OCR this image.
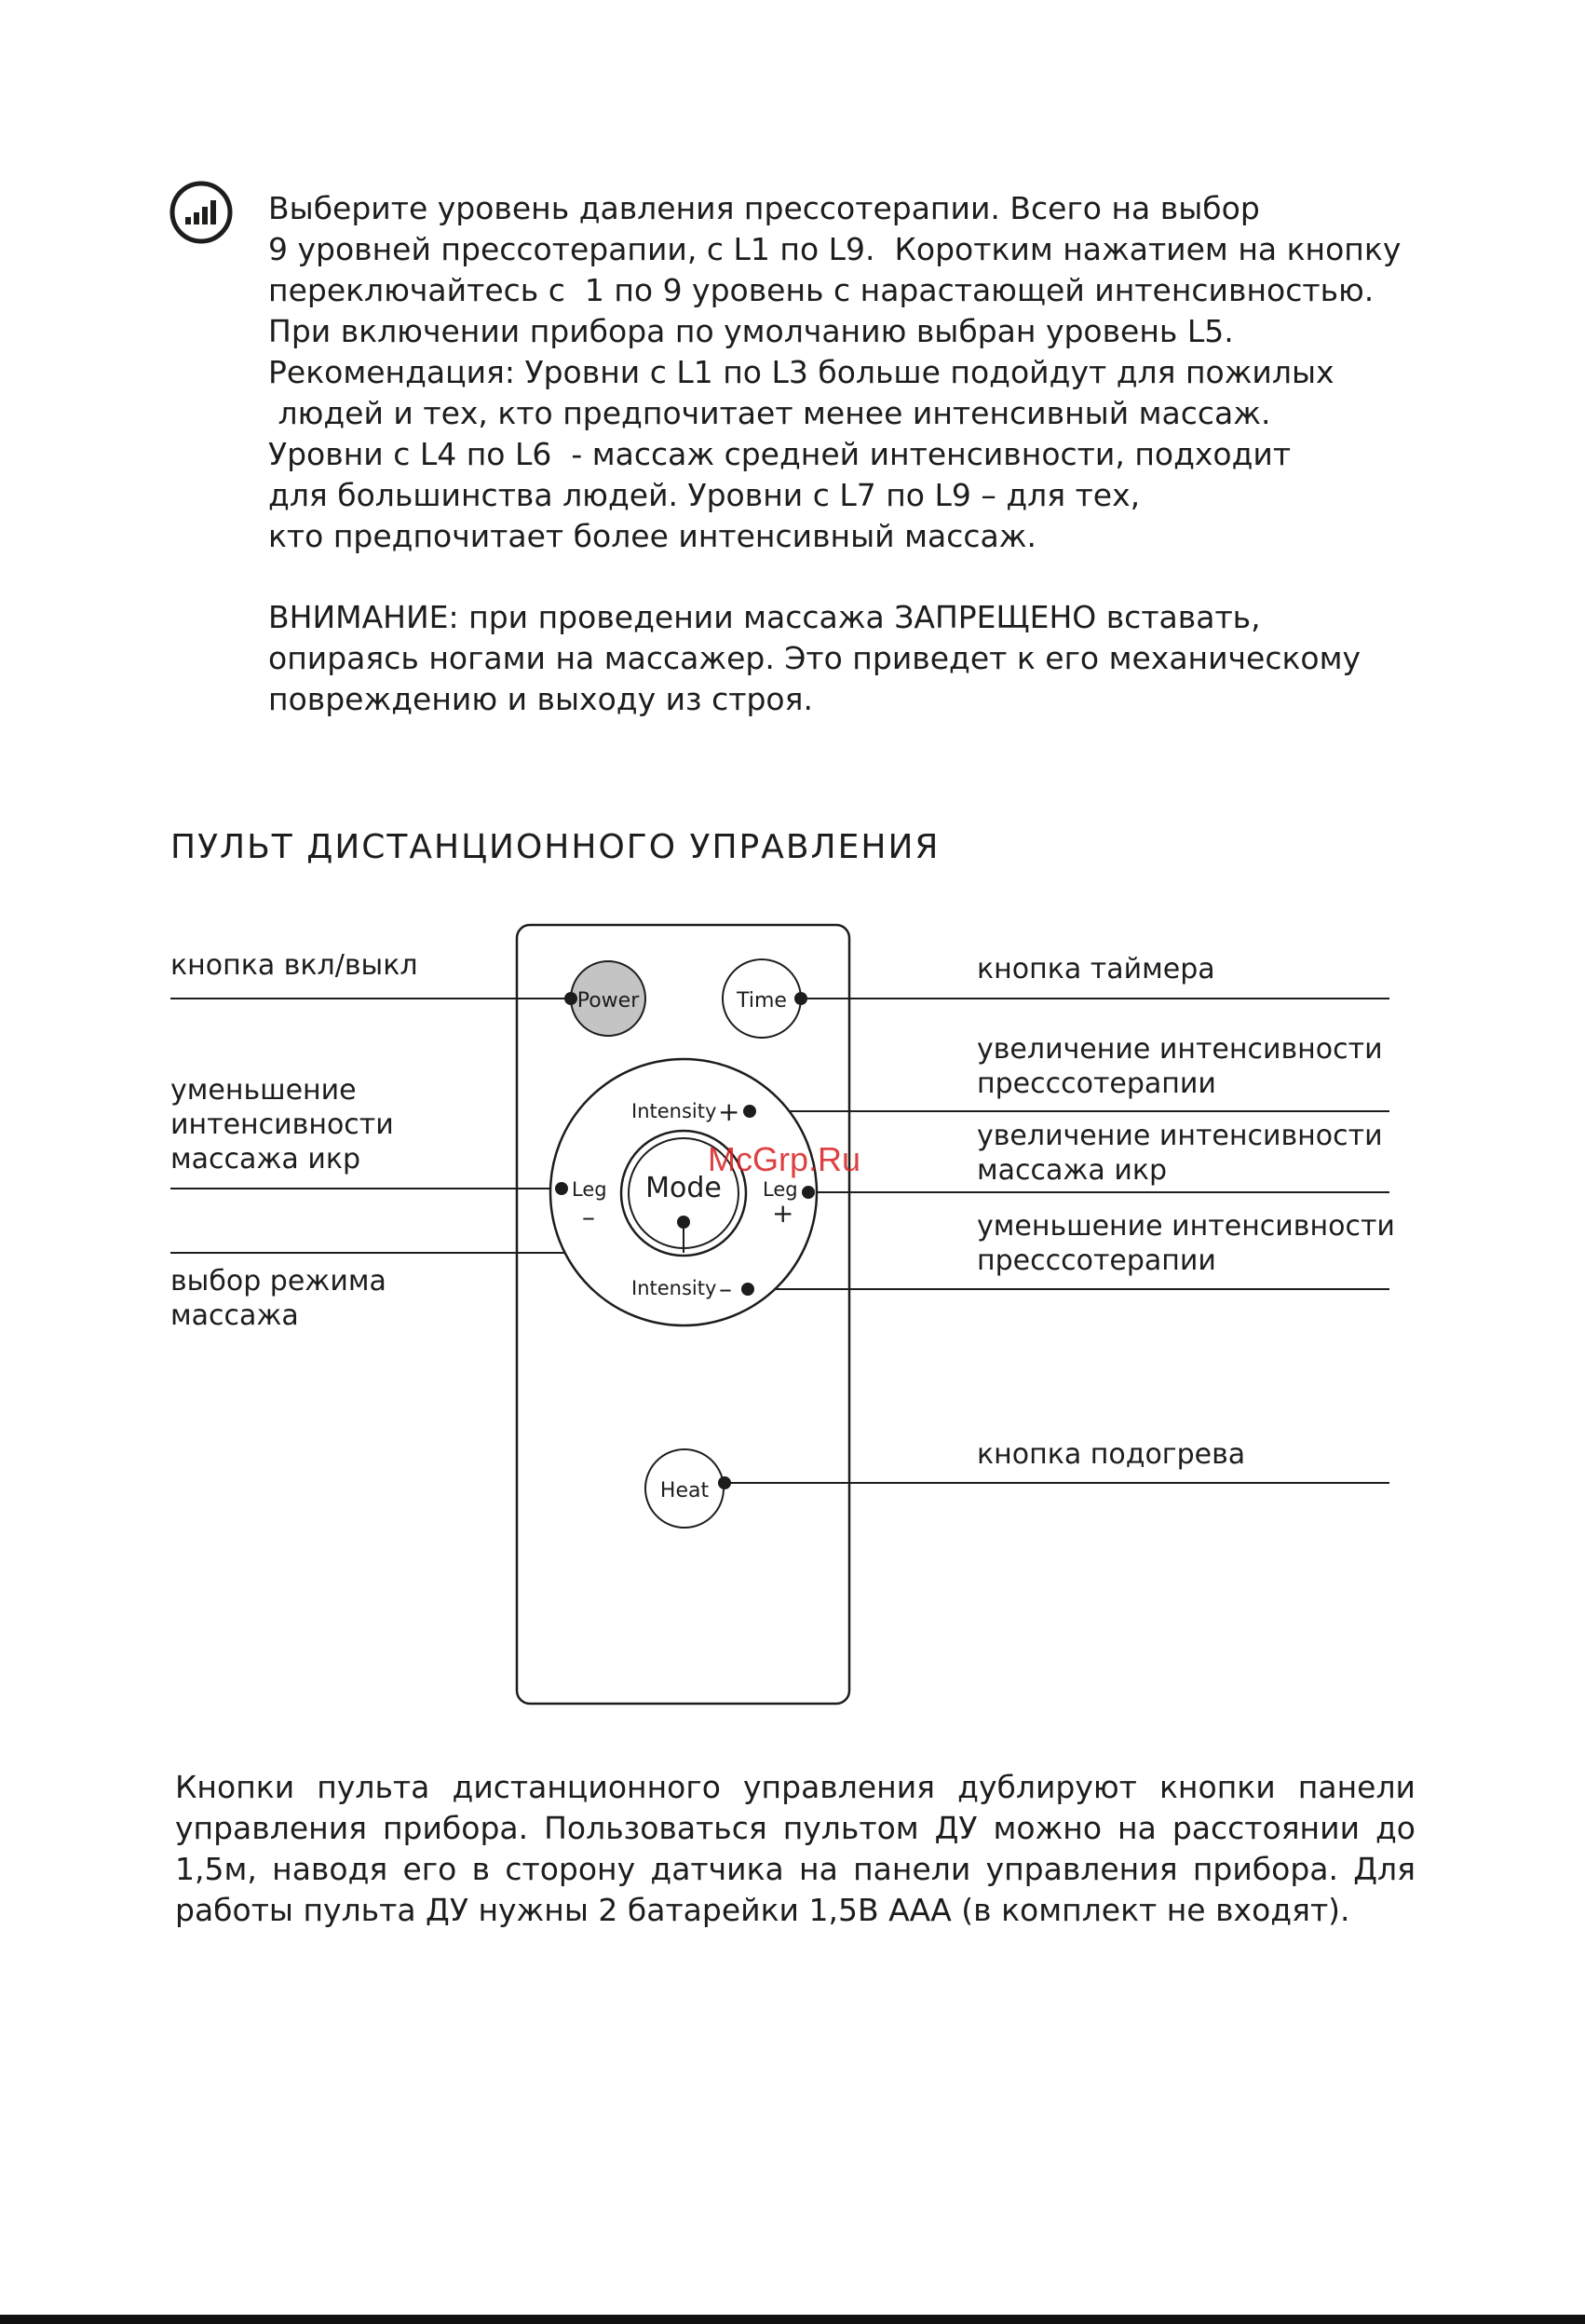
Выберите уровень давления прессотерапии. Всего на выбор
9 уровней прессотерапии, с L1 по L9.  Коротким нажатием на кнопку
переключайтесь с  1 по 9 уровень с нарастающей интенсивностью.
При включении прибора по умолчанию выбран уровень L5.
Рекомендация: Уровни с L1 по L3 больше подойдут для пожилых
людей и тех, кто предпочитает менее интенсивный массаж.
Уровни с L4 по L6  - массаж средней интенсивности, подходит
для большинства людей. Уровни с L7 по L9 – для тех,
кто предпочитает более интенсивный массаж.
ВНИМАНИЕ: при проведении массажа ЗАПРЕЩЕНО вставать,
опираясь ногами на массажер. Это приведет к его механическому
повреждению и выходу из строя.
ПУЛЬТ ДИСТАНЦИОННОГО УПРАВЛЕНИЯ
Power	Time
Mode
Intensity +
Intensity –
Leg
–
Leg
+
Heat
кнопка вкл/выкл
уменьшение
интенсивности
массажа икр
выбор режима
массажа
кнопка таймера
увеличение интенсивности
пресссотерапии
увеличение интенсивности
массажа икр
уменьшение интенсивности
пресссотерапии
кнопка подогрева
McGrp.Ru
Кнопки пульта дистанционного управления дублируют кнопки панели
управления прибора. Пользоваться пультом ДУ можно на расстоянии до
1,5м, наводя его в сторону датчика на панели управления прибора. Для
работы пульта ДУ нужны 2 батарейки 1,5В ААА (в комплект не входят).
